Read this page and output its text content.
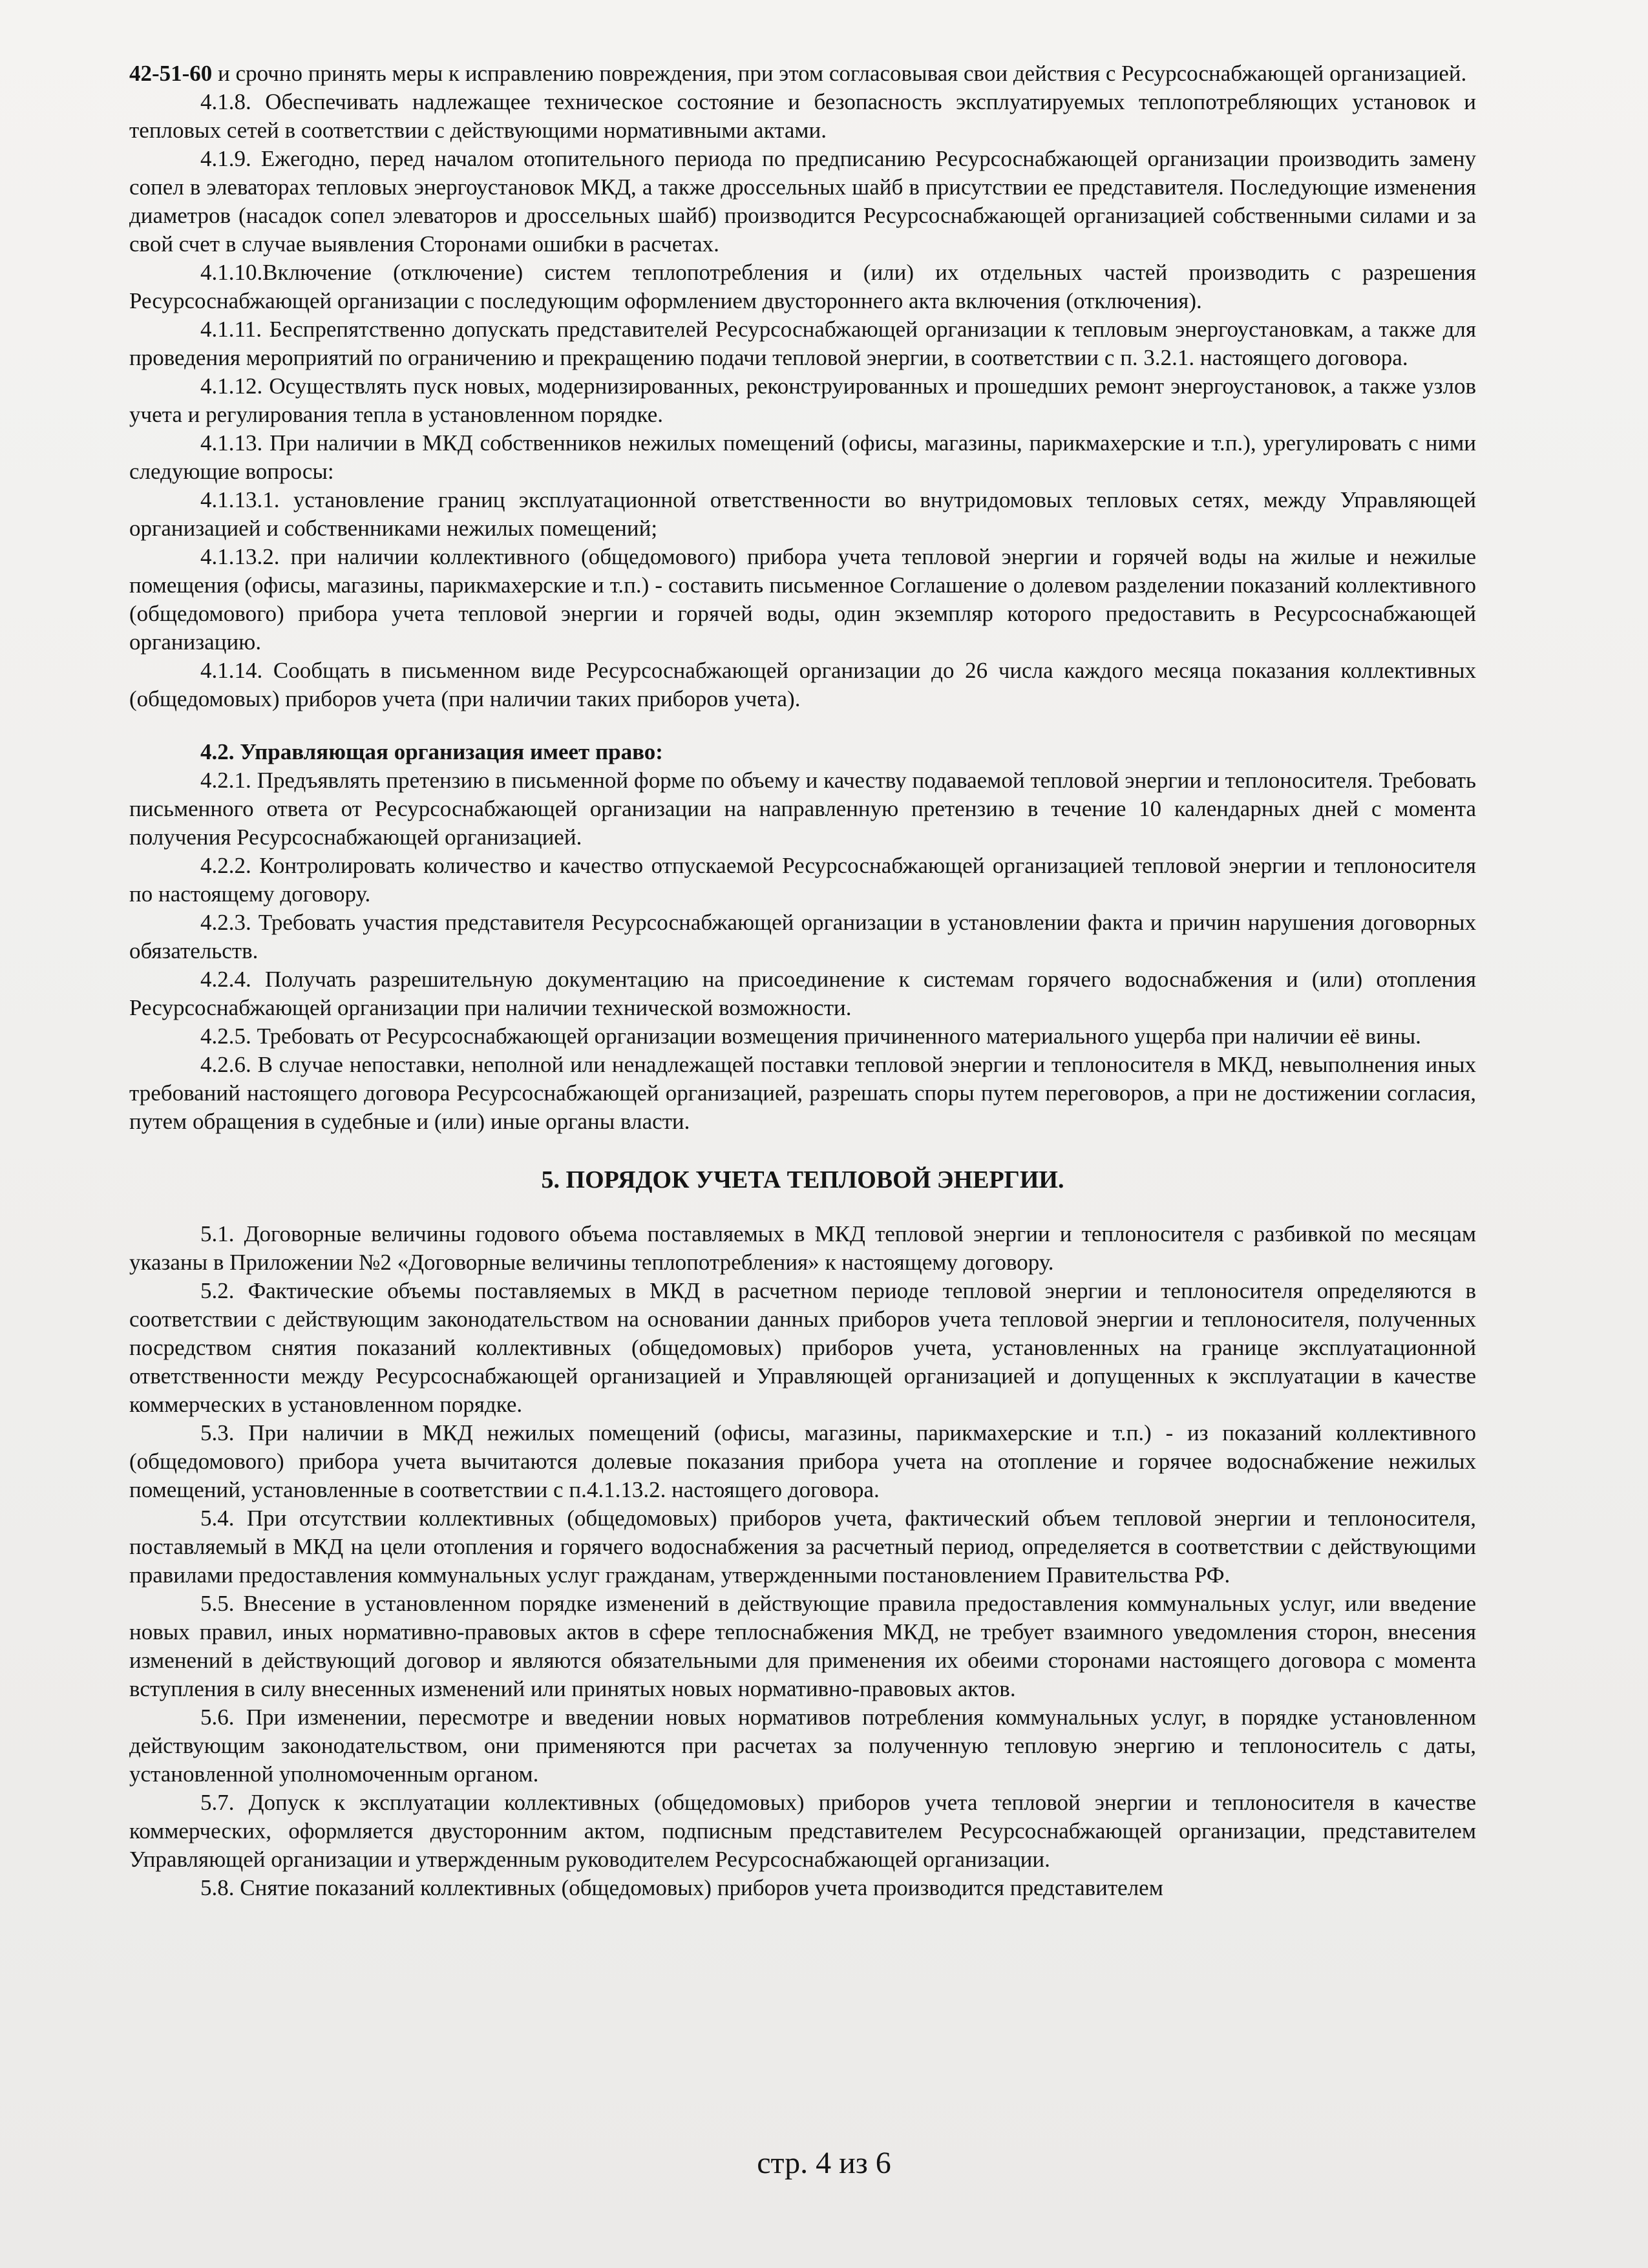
42-51-60 и срочно принять меры к исправлению повреждения, при этом согласовывая свои действия с Ресурсоснабжающей организацией.

4.1.8. Обеспечивать надлежащее техническое состояние и безопасность эксплуатируемых теплопотребляющих установок и тепловых сетей в соответствии с действующими нормативными актами.

4.1.9. Ежегодно, перед началом отопительного периода по предписанию Ресурсоснабжающей организации производить замену сопел в элеваторах тепловых энергоустановок МКД, а также дроссельных шайб в присутствии ее представителя. Последующие изменения диаметров (насадок сопел элеваторов и дроссельных шайб) производится Ресурсоснабжающей организацией собственными силами и за свой счет в случае выявления Сторонами ошибки в расчетах.

4.1.10.Включение (отключение) систем теплопотребления и (или) их отдельных частей производить с разрешения Ресурсоснабжающей организации с последующим оформлением двустороннего акта включения (отключения).

4.1.11. Беспрепятственно допускать представителей Ресурсоснабжающей организации к тепловым энергоустановкам, а также для проведения мероприятий по ограничению и прекращению подачи тепловой энергии, в соответствии с п. 3.2.1. настоящего договора.

4.1.12. Осуществлять пуск новых, модернизированных, реконструированных и прошедших ремонт энергоустановок, а также узлов учета и регулирования тепла в установленном порядке.

4.1.13. При наличии в МКД собственников нежилых помещений (офисы, магазины, парикмахерские и т.п.), урегулировать с ними следующие вопросы:

4.1.13.1. установление границ эксплуатационной ответственности во внутридомовых тепловых сетях, между Управляющей организацией и собственниками нежилых помещений;

4.1.13.2. при наличии коллективного (общедомового) прибора учета тепловой энергии и горячей воды на жилые и нежилые помещения (офисы, магазины, парикмахерские и т.п.) - составить письменное Соглашение о долевом разделении показаний коллективного (общедомового) прибора учета тепловой энергии и горячей воды, один экземпляр которого предоставить в Ресурсоснабжающей организацию.

4.1.14. Сообщать в письменном виде Ресурсоснабжающей организации до 26 числа каждого месяца показания коллективных (общедомовых) приборов учета (при наличии таких приборов учета).

4.2. Управляющая организация имеет право:

4.2.1. Предъявлять претензию в письменной форме по объему и качеству подаваемой тепловой энергии и теплоносителя. Требовать письменного ответа от Ресурсоснабжающей организации на направленную претензию в течение 10 календарных дней с момента получения Ресурсоснабжающей организацией.

4.2.2. Контролировать количество и качество отпускаемой Ресурсоснабжающей организацией тепловой энергии и теплоносителя по настоящему договору.

4.2.3. Требовать участия представителя Ресурсоснабжающей организации в установлении факта и причин нарушения договорных обязательств.

4.2.4. Получать разрешительную документацию на присоединение к системам горячего водоснабжения и (или) отопления Ресурсоснабжающей организации при наличии технической возможности.

4.2.5. Требовать от Ресурсоснабжающей организации возмещения причиненного материального ущерба при наличии её вины.

4.2.6. В случае непоставки, неполной или ненадлежащей поставки тепловой энергии и теплоносителя в МКД, невыполнения иных требований настоящего договора Ресурсоснабжающей организацией, разрешать споры путем переговоров, а при не достижении согласия, путем обращения в судебные и (или) иные органы власти.

5. ПОРЯДОК УЧЕТА ТЕПЛОВОЙ ЭНЕРГИИ.

5.1. Договорные величины годового объема поставляемых в МКД тепловой энергии и теплоносителя с разбивкой по месяцам указаны в Приложении №2 «Договорные величины теплопотребления» к настоящему договору.

5.2. Фактические объемы поставляемых в МКД в расчетном периоде тепловой энергии и теплоносителя определяются в соответствии с действующим законодательством на основании данных приборов учета тепловой энергии и теплоносителя, полученных посредством снятия показаний коллективных (общедомовых) приборов учета, установленных на границе эксплуатационной ответственности между Ресурсоснабжающей организацией и Управляющей организацией и допущенных к эксплуатации в качестве коммерческих в установленном порядке.

5.3. При наличии в МКД нежилых помещений (офисы, магазины, парикмахерские и т.п.) - из показаний коллективного (общедомового) прибора учета вычитаются долевые показания прибора учета на отопление и горячее водоснабжение нежилых помещений, установленные в соответствии с п.4.1.13.2. настоящего договора.

5.4. При отсутствии коллективных (общедомовых) приборов учета, фактический объем тепловой энергии и теплоносителя, поставляемый в МКД на цели отопления и горячего водоснабжения за расчетный период, определяется в соответствии с действующими правилами предоставления коммунальных услуг гражданам, утвержденными постановлением Правительства РФ.

5.5. Внесение в установленном порядке изменений в действующие правила предоставления коммунальных услуг, или введение новых правил, иных нормативно-правовых актов в сфере теплоснабжения МКД, не требует взаимного уведомления сторон, внесения изменений в действующий договор и являются обязательными для применения их обеими сторонами настоящего договора с момента вступления в силу внесенных изменений или принятых новых нормативно-правовых актов.

5.6. При изменении, пересмотре и введении новых нормативов потребления коммунальных услуг, в порядке установленном действующим законодательством, они применяются при расчетах за полученную тепловую энергию и теплоноситель с даты, установленной уполномоченным органом.

5.7. Допуск к эксплуатации коллективных (общедомовых) приборов учета тепловой энергии и теплоносителя в качестве коммерческих, оформляется двусторонним актом, подписным представителем Ресурсоснабжающей организации, представителем Управляющей организации и утвержденным руководителем Ресурсоснабжающей организации.

5.8. Снятие показаний коллективных (общедомовых) приборов учета производится представителем

стр. 4 из 6
